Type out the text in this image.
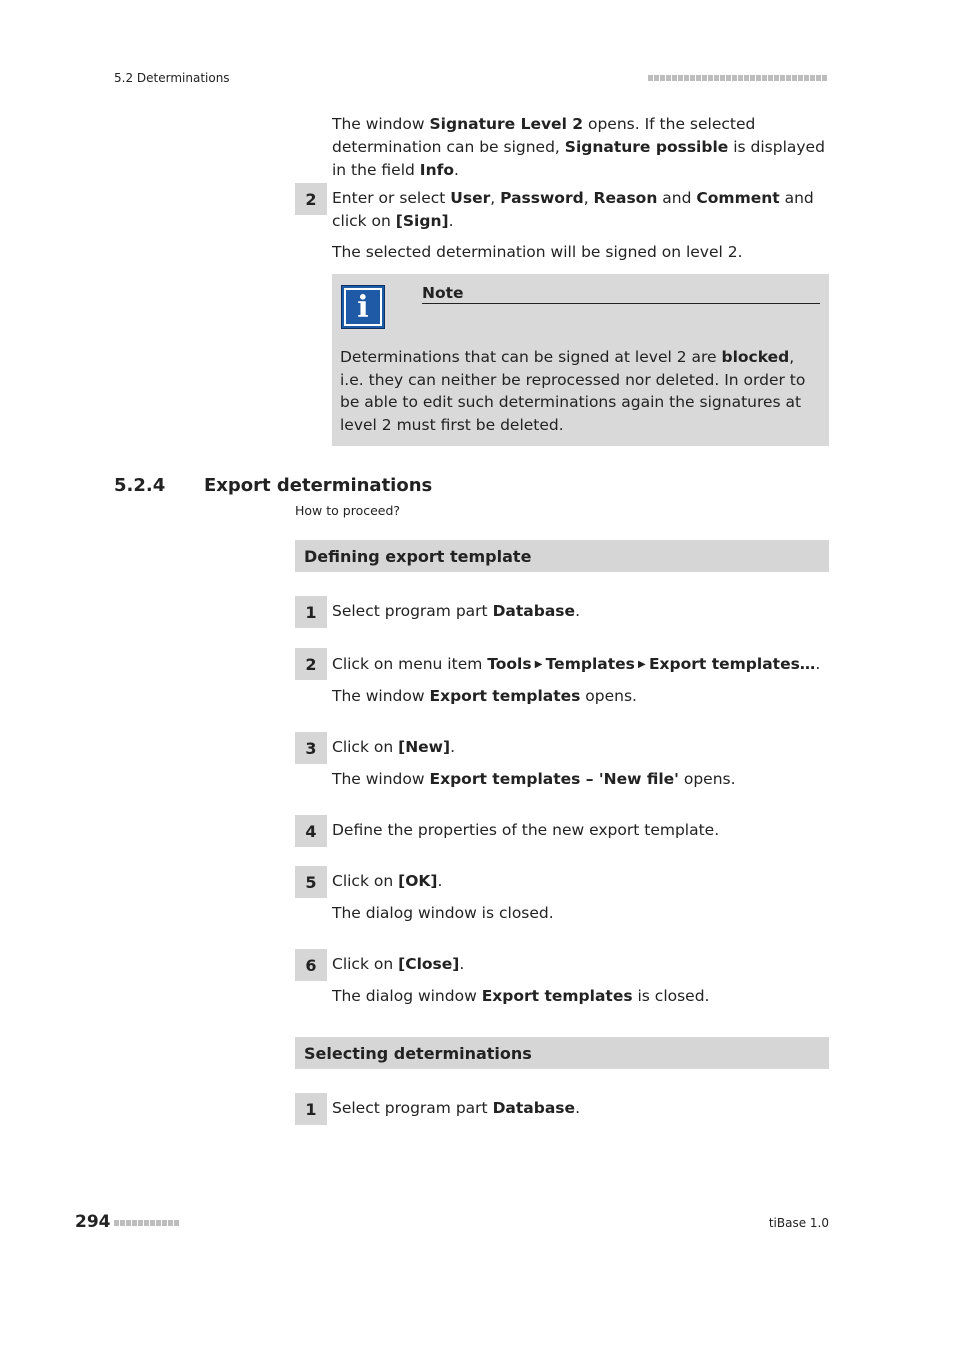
5.2 Determinations
The window Signature Level 2 opens. If the selected determination can be signed, Signature possible is displayed in the field Info.
2 Enter or select User, Password, Reason and Comment and click on [Sign].
The selected determination will be signed on level 2.
i	Note
Determinations that can be signed at level 2 are blocked, i.e. they can neither be reprocessed nor deleted. In order to be able to edit such determinations again the signatures at level 2 must first be deleted.
5.2.4 Export determinations
How to proceed?
Defining export template
1 Select program part Database.
2 Click on menu item Tools ▶ Templates ▶ Export templates….
The window Export templates opens.
3 Click on [New].
The window Export templates – 'New file' opens.
4 Define the properties of the new export template.
5 Click on [OK].
The dialog window is closed.
6 Click on [Close].
The dialog window Export templates is closed.
Selecting determinations
1 Select program part Database.
294	tiBase 1.0
